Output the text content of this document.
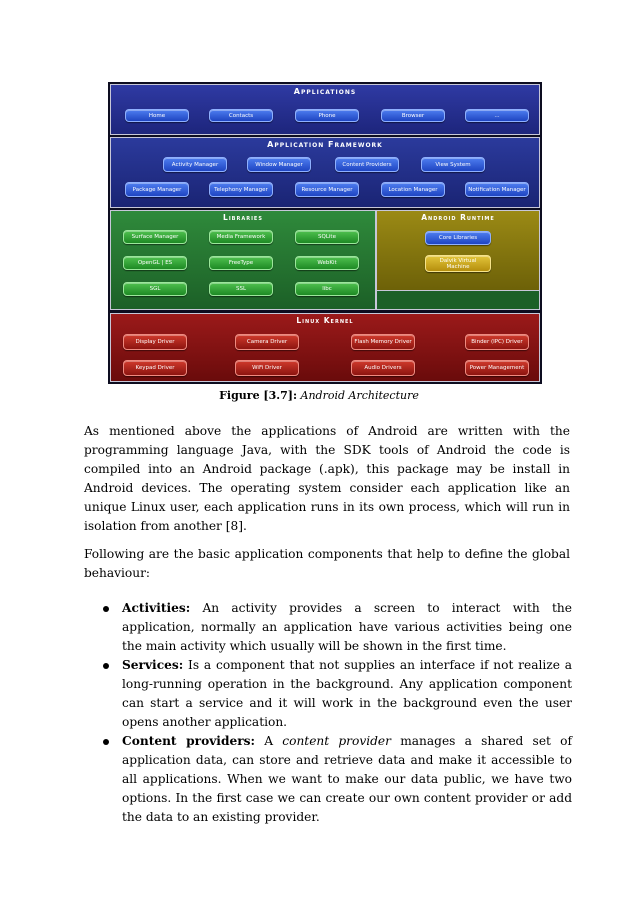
Applications
Home	Contacts	Phone	Browser	...
Application Framework
Activity Manager	Window Manager	Content Providers	View System
Package Manager	Telephony Manager	Resource Manager	Location Manager	Notification Manager
Libraries
Surface Manager	Media Framework	SQLite
OpenGL | ES	FreeType	WebKit
SGL	SSL	libc
Android Runtime
Core Libraries
Dalvik Virtual Machine
Linux Kernel
Display Driver	Camera Driver	Flash Memory Driver	Binder (IPC) Driver
Keypad Driver	WiFi Driver	Audio Drivers	Power Management
Figure [3.7]: Android Architecture

As mentioned above the applications of Android are written with the programming language Java, with the SDK tools of Android the code is compiled into an Android package (.apk), this package may be install in Android devices. The operating system consider each application like an unique Linux user, each application runs in its own process, which will run in isolation from another [8].

Following are the basic application components that help to define the global behaviour:

Activities: An activity provides a screen to interact with the application, normally an application have various activities being one the main activity which usually will be shown in the first time.
Services: Is a component that not supplies an interface if not realize a long-running operation in the background. Any application component can start a service and it will work in the background even the user opens another application.
Content providers: A content provider manages a shared set of application data, can store and retrieve data and make it accessible to all applications. When we want to make our data public, we have two options. In the first case we can create our own content provider or add the data to an existing provider.
